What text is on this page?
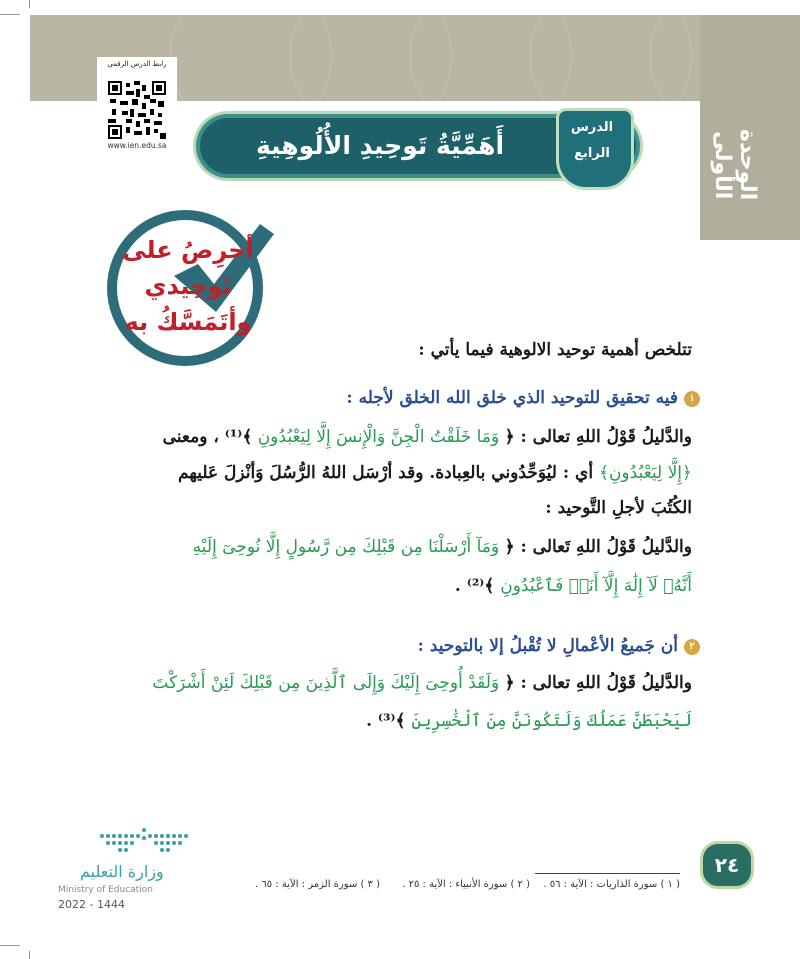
رابط الدرس الرقمي
www.ien.edu.sa	أَهَمِّيَّةُ تَوحِيدِ الأُلُوهِيةِ
الدرس
الرابع	الوحدة الأولى
أحرِصُ على
تَوحِيدي
وأتَمَسَّكُ به
تتلخص أهمية توحيد الالوهية فيما يأتي :
١فيه تحقيق للتوحيد الذي خلق الله الخلق لأجله :
والدَّليلُ قَوْلُ اللهِ تعالى : ﴿ وَمَا خَلَقْتُ الْجِنَّ وَالْإِنسَ إِلَّا لِيَعْبُدُونِ ﴾⁽¹⁾ ، ومعنى
﴿إِلَّا لِيَعْبُدُونِ﴾ أي : ليُوَحِّدُوني بالعِبادة. وقد أرْسَل اللهُ الرُّسُلَ وَأنْزلَ عَليهم
الكُتُبَ لأجلِ التَّوحيد :
والدَّليلُ قَوْلُ اللهِ تَعالى : ﴿ وَمَآ أَرْسَلْنَا مِن قَبْلِكَ مِن رَّسُولٍ إِلَّا نُوحِىٓ إِلَيْهِ
أَنَّهُۥ لَآ إِلَٰهَ إِلَّآ أَنَا۠ فَٱعْبُدُونِ ﴾⁽²⁾ .
٢أن جَميعُ الأعْمالِ لا تُقْبلُ إلا بالتوحيد :
والدَّليلُ قَوْلُ اللهِ تعالى : ﴿ وَلَقَدْ أُوحِىَ إِلَيْكَ وَإِلَى ٱلَّذِينَ مِن قَبْلِكَ لَئِنْ أَشْرَكْتَ
لَيَحْبَطَنَّ عَمَلُكَ وَلَتَكُونَنَّ مِنَ ٱلْخَٰسِرِينَ ﴾⁽³⁾ .
( ١ ) سورة الذاريات : الآية : ٥٦ .
( ٢ ) سورة الأنبياء : الآية : ٢٥ .
( ٣ ) سورة الزمر : الآية : ٦٥ .
٢٤
وزارة التعليم
Ministry of Education
2022 - 1444
